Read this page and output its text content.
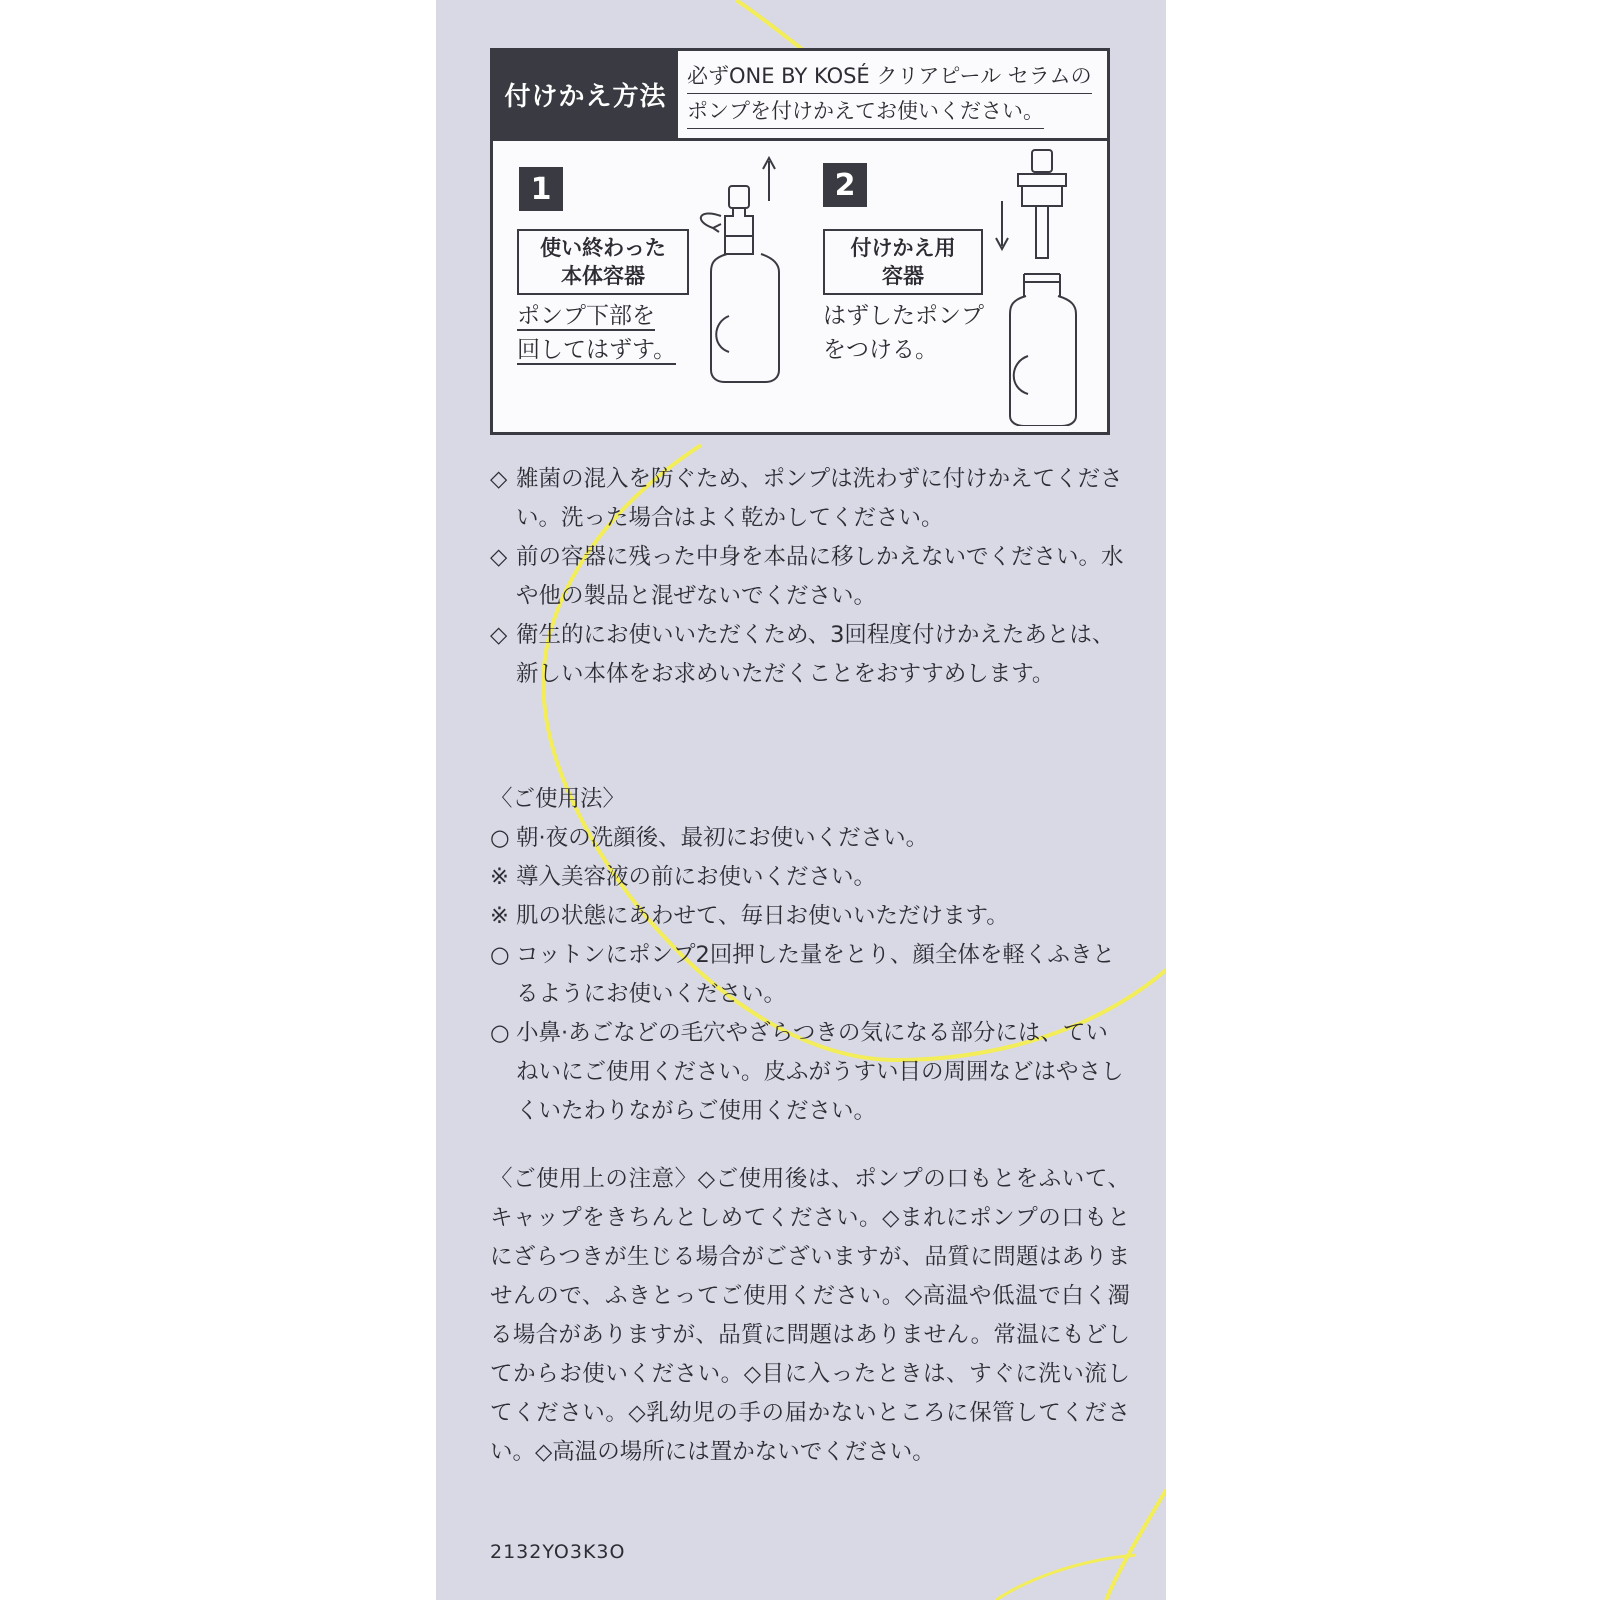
付けかえ方法
必ずONE BY KOSÉ クリアピール セラムの
ポンプを付けかえてお使いください。
1
使い終わった
本体容器
ポンプ下部を
回してはずす。
2
付けかえ用
容器
はずしたポンプ
をつける。
◇ 雑菌の混入を防ぐため、ポンプは洗わずに付けかえてください。洗った場合はよく乾かしてください。
◇ 前の容器に残った中身を本品に移しかえないでください。水や他の製品と混ぜないでください。
◇ 衛生的にお使いいただくため、3回程度付けかえたあとは、新しい本体をお求めいただくことをおすすめします。
〈ご使用法〉
○ 朝·夜の洗顔後、最初にお使いください。
※ 導入美容液の前にお使いください。
※ 肌の状態にあわせて、毎日お使いいただけます。
○ コットンにポンプ2回押した量をとり、顔全体を軽くふきとるようにお使いください。
○ 小鼻·あごなどの毛穴やざらつきの気になる部分には、ていねいにご使用ください。皮ふがうすい目の周囲などはやさしくいたわりながらご使用ください。
〈ご使用上の注意〉◇ご使用後は、ポンプの口もとをふいて、キャップをきちんとしめてください。◇まれにポンプの口もとにざらつきが生じる場合がございますが、品質に問題はありませんので、ふきとってご使用ください。◇高温や低温で白く濁る場合がありますが、品質に問題はありません。常温にもどしてからお使いください。◇目に入ったときは、すぐに洗い流してください。◇乳幼児の手の届かないところに保管してください。◇高温の場所には置かないでください。
2132YO3K3O
